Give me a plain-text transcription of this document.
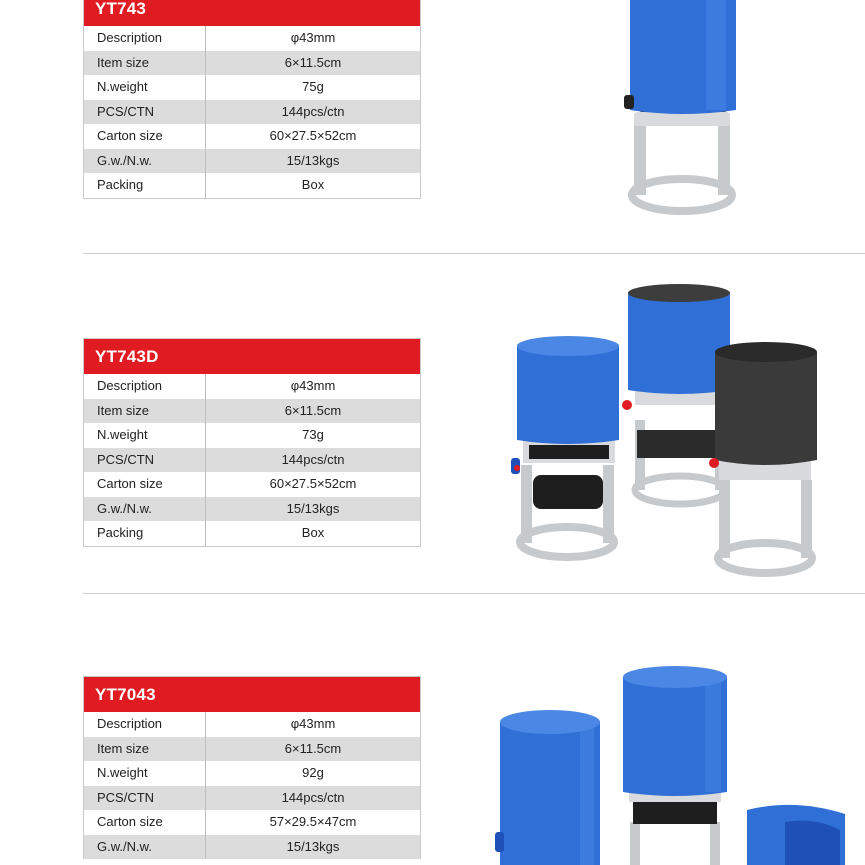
YT743
Description	φ43mm
Item size	6×11.5cm
N.weight	75g
PCS/CTN	144pcs/ctn
Carton size	60×27.5×52cm
G.w./N.w.	15/13kgs
Packing	Box
YT743D
Description	φ43mm
Item size	6×11.5cm
N.weight	73g
PCS/CTN	144pcs/ctn
Carton size	60×27.5×52cm
G.w./N.w.	15/13kgs
Packing	Box
YT7043
Description	φ43mm
Item size	6×11.5cm
N.weight	92g
PCS/CTN	144pcs/ctn
Carton size	57×29.5×47cm
G.w./N.w.	15/13kgs
